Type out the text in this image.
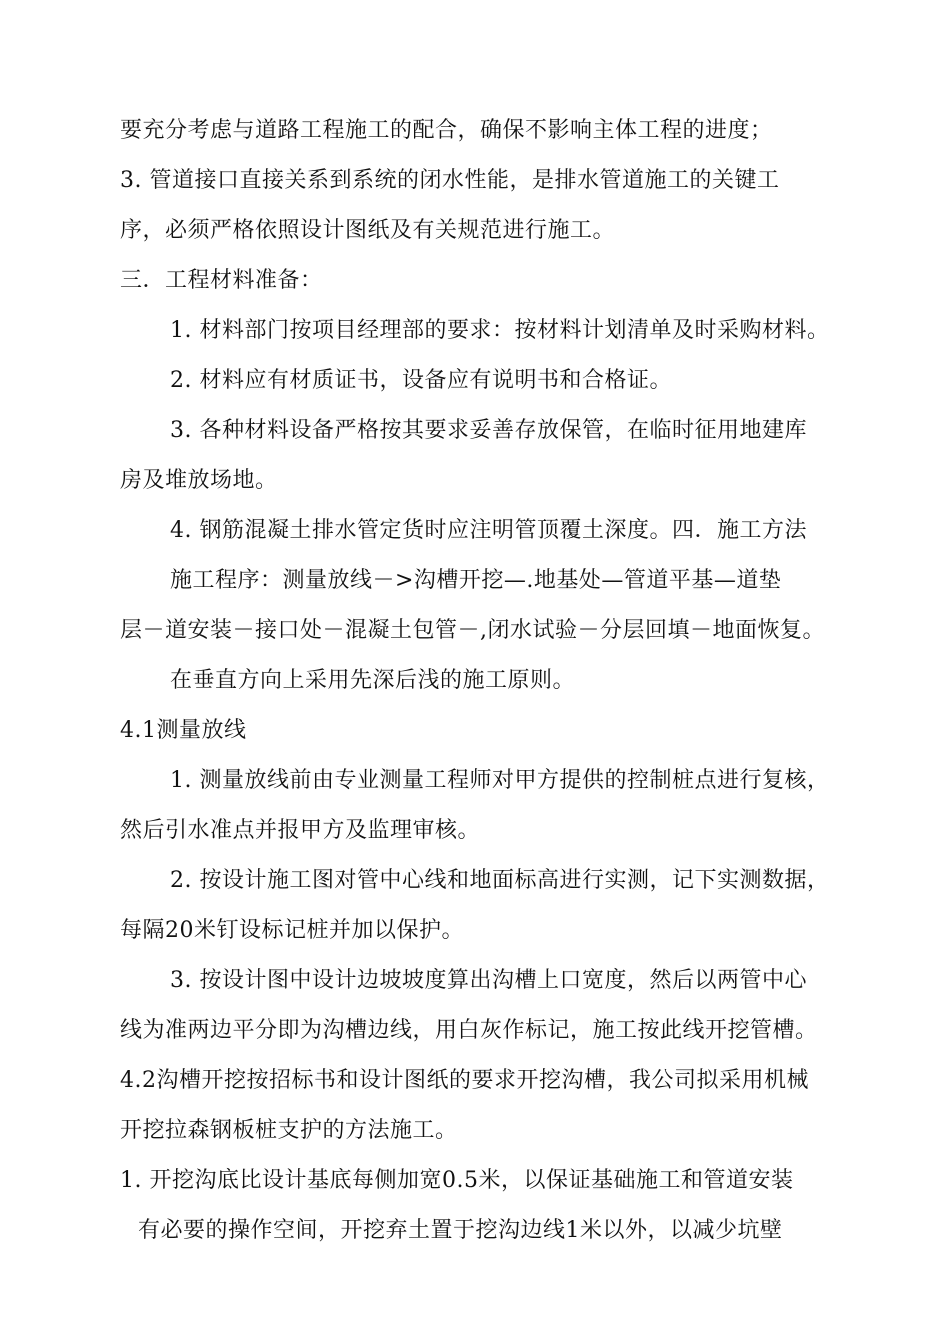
要充分考虑与道路工程施工的配合，确保不影响主体工程的进度；
3. 管道接口直接关系到系统的闭水性能，是排水管道施工的关键工
序，必须严格依照设计图纸及有关规范进行施工。
三．工程材料准备：
1. 材料部门按项目经理部的要求：按材料计划清单及时采购材料。
2. 材料应有材质证书，设备应有说明书和合格证。
3. 各种材料设备严格按其要求妥善存放保管，在临时征用地建库
房及堆放场地。
4. 钢筋混凝土排水管定货时应注明管顶覆土深度。四．施工方法
施工程序：测量放线－>沟槽开挖—.地基处—管道平基—道垫
层－道安装－接口处－混凝土包管－,闭水试验－分层回填－地面恢复。
在垂直方向上采用先深后浅的施工原则。
4.1测量放线
1. 测量放线前由专业测量工程师对甲方提供的控制桩点进行复核，
然后引水准点并报甲方及监理审核。
2. 按设计施工图对管中心线和地面标高进行实测，记下实测数据，
每隔20米钉设标记桩并加以保护。
3. 按设计图中设计边坡坡度算出沟槽上口宽度，然后以两管中心
线为准两边平分即为沟槽边线，用白灰作标记，施工按此线开挖管槽。
4.2沟槽开挖按招标书和设计图纸的要求开挖沟槽，我公司拟采用机械
开挖拉森钢板桩支护的方法施工。
1. 开挖沟底比设计基底每侧加宽0.5米，以保证基础施工和管道安装
有必要的操作空间，开挖弃土置于挖沟边线1米以外，以减少坑壁
